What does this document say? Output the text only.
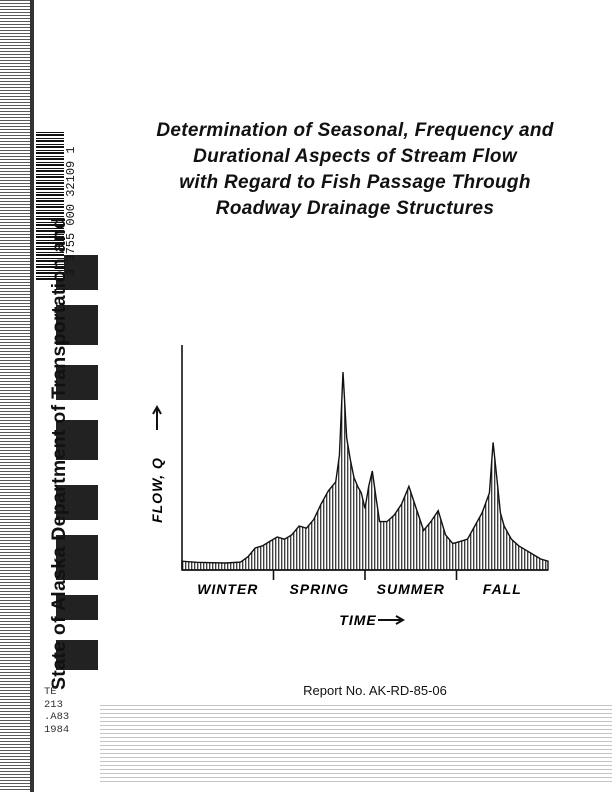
3 3755 000 32109 1
State of Alaska Department of Transportation and
TE
213
.A83
1984
Determination of Seasonal, Frequency and
Durational Aspects of Stream Flow
with Regard to Fish Passage Through
Roadway Drainage Structures
WINTER SPRING SUMMER	FALL
TIME
FLOW, Q
Report No. AK-RD-85-06
